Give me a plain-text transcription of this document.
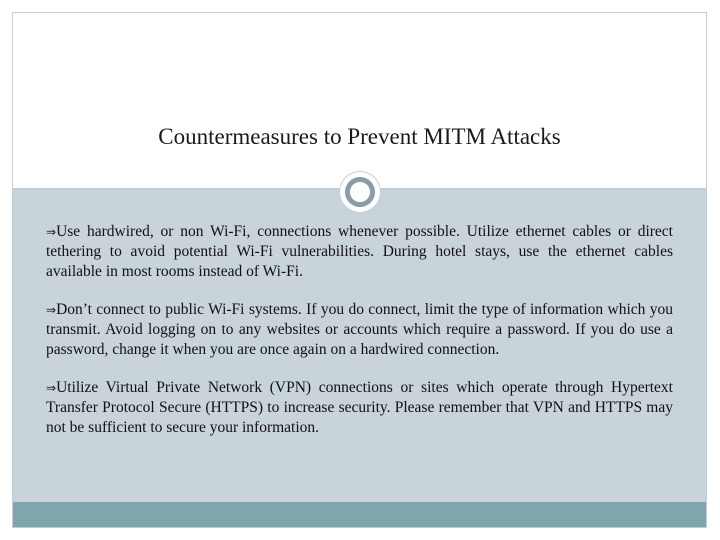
Countermeasures to Prevent MITM Attacks

⇒Use hardwired, or non Wi-Fi, connections whenever possible. Utilize ethernet cables or direct tethering to avoid potential Wi-Fi vulnerabilities. During hotel stays, use the ethernet cables available in most rooms instead of Wi-Fi.

⇒Don’t connect to public Wi-Fi systems. If you do connect, limit the type of information which you transmit. Avoid logging on to any websites or accounts which require a password. If you do use a password, change it when you are once again on a hardwired connection.

⇒Utilize Virtual Private Network (VPN) connections or sites which operate through Hypertext Transfer Protocol Secure (HTTPS) to increase security. Please remember that VPN and HTTPS may not be sufficient to secure your information.
